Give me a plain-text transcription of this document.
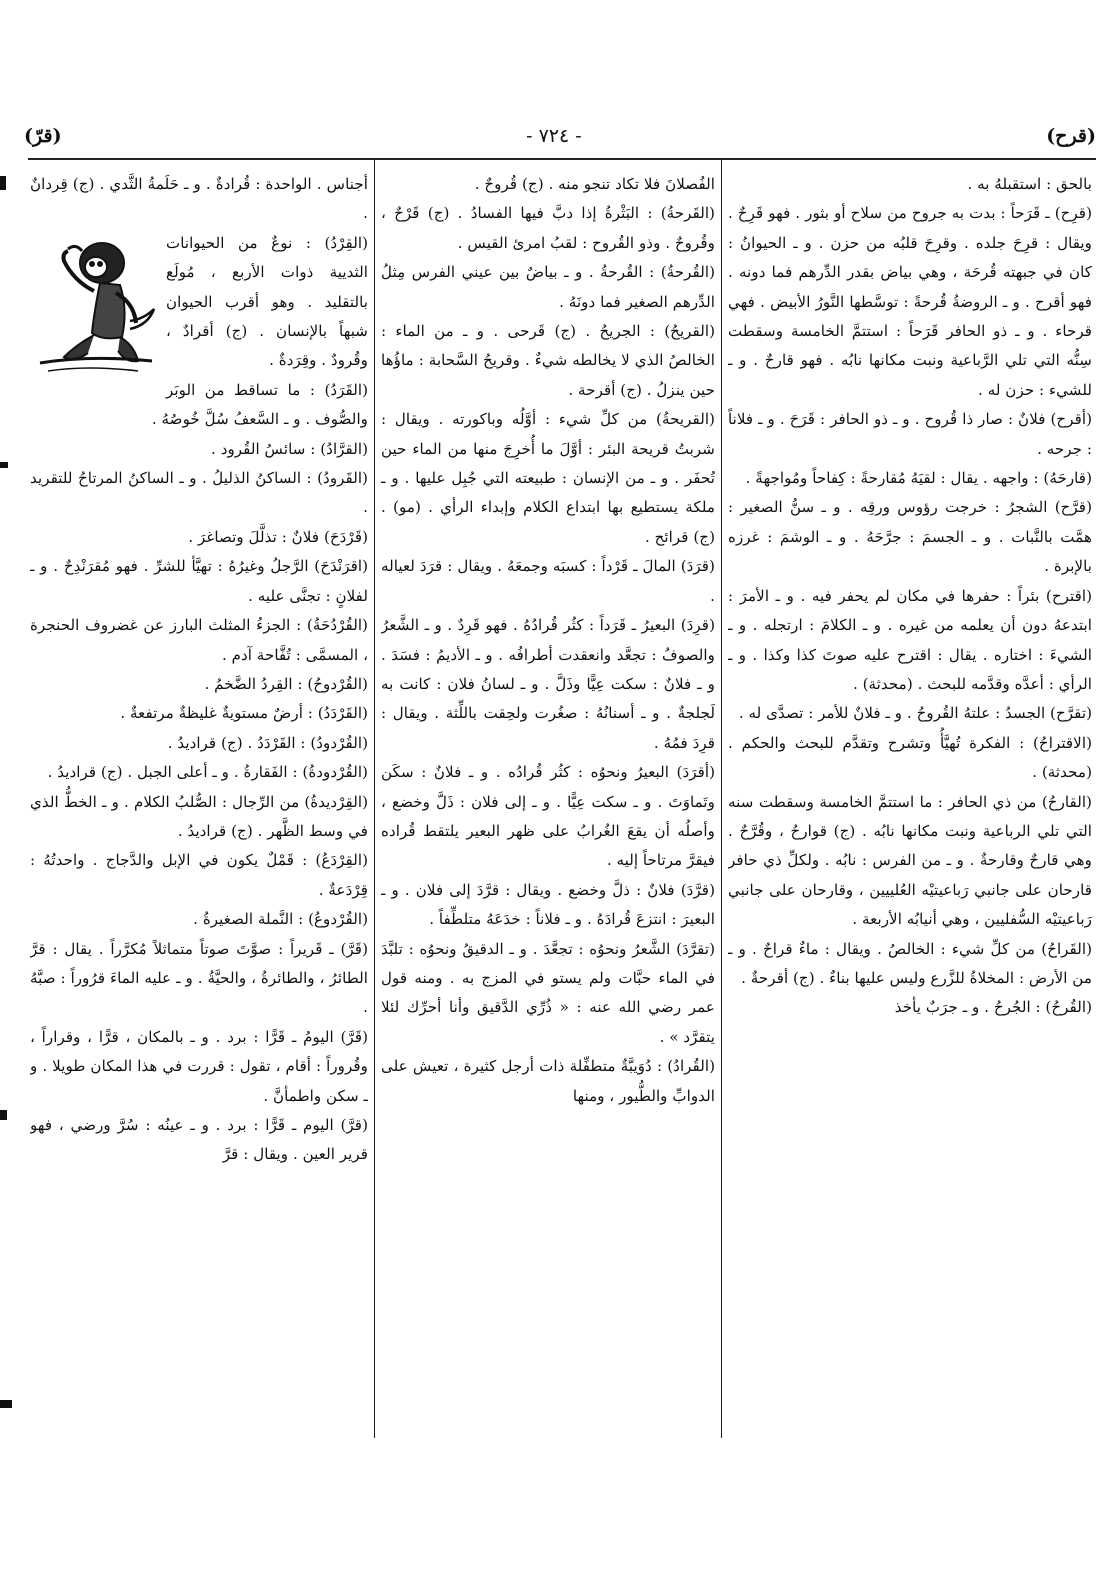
(قرح)
- ٧٢٤ -
(قرّ)

بالحق : استقبلهُ به .

(قرِح) ـ قَرَحاً : بدت به جروح من سلاح أو بثور . فهو قَرِحٌ . ويقال : قرِحَ جلده . وقرِحَ قلبُه من حزن . و ـ الحيوانُ : كان في جبهته قُرحَة ، وهي بياض بقدر الدِّرهم فما دونه . فهو أقرح . و ـ الروضةُ قُرحةً : توسَّطها النَّورُ الأبيض . فهي قرحاء . و ـ ذو الحافر قَرَحاً : استتمَّ الخامسة وسقطت سِنُّه التي تلي الرَّباعية ونبت مكانها نابُه . فهو قارحٌ . و ـ للشيء : حزن له .

(أقرح) فلانٌ : صار ذا قُروح . و ـ ذو الحافر : قَرَحَ . و ـ فلاناً : جرحه .

(قارحَهُ) : واجهه . يقال : لقيَهُ مُقارحةً : كِفاحاً ومُواجهةً .

(قرَّح) الشجرُ : خرجت رؤوس ورقِه . و ـ سنُّ الصغير : همَّت بالنَّبات . و ـ الجسمَ : جرَّحَهُ . و ـ الوشمَ : غرزه بالإبرة .

(اقترح) بئراً : حفرها في مكان لم يحفر فيه . و ـ الأمرَ : ابتدعهُ دون أن يعلمه من غيره . و ـ الكلامَ : ارتجله . و ـ الشيءَ : اختاره . يقال : اقترح عليه صوتَ كذا وكذا . و ـ الرأي : أعدَّه وقدَّمه للبحث . (محدثة) .

(تقرَّح) الجسدُ : علتهُ القُروحُ . و ـ فلانٌ للأمر : تصدَّى له .

(الاقتراحُ) : الفكرة تُهيَّأُ وتشرح وتقدَّم للبحث والحكم . (محدثة) .

(القارحُ) من ذي الحافر : ما استتمَّ الخامسة وسقطت سنه التي تلي الرباعية ونبت مكانها نابُه . (ج) قوارحُ ، وقُرَّحٌ . وهي قارحٌ وقارحةٌ . و ـ من الفرس : نابُه . ولكلِّ ذي حافر قارحان على جانبي رَباعيتيْه العُلييين ، وقارحان على جانبي رَباعيتيْه السُّفليين ، وهي أنيابُه الأربعة .

(القَراحُ) من كلِّ شيء : الخالصُ . ويقال : ماءٌ قراحٌ . و ـ من الأرض : المخلاةُ للزَّرع وليس عليها بناءٌ . (ج) أقرحةٌ .

(القُرحُ) : الجُرحُ . و ـ جرَبٌ يأخذ

الفُصلانَ فلا تكاد تنجو منه . (ج) قُروحٌ .

(القَرحةُ) : البَثْرةُ إذا دبَّ فيها الفسادُ . (ج) قَرْحٌ ، وقُروحٌ . وذو القُروح : لقبُ امرئ القيس .

(القُرحةُ) : القُرحةُ . و ـ بياضٌ بين عيني الفرس مِثلُ الدِّرهم الصغير فما دونَهُ .

(القريحُ) : الجريحُ . (ج) قَرحى . و ـ من الماء : الخالصُ الذي لا يخالطه شيءٌ . وقريحُ السَّحابة : ماؤُها حين ينزلُ . (ج) أقرحة .

(القريحةُ) من كلِّ شيء : أوَّلُه وباكورته . ويقال : شربتُ قريحة البئر : أوَّلَ ما أُخرِجَ منها من الماء حين تُحفَر . و ـ من الإنسان : طبيعته التي جُبِل عليها . و ـ ملكة يستطيع بها ابتداع الكلام وإبداء الرأي . (مو) . (ج) قرائح .

(قرَدَ) المالَ ـ قَرْداً : كسبَه وجمعَهُ . ويقال : قرَدَ لعياله .

(قرِدَ) البعيرُ ـ قَرَداً : كثُر قُرادُهُ . فهو قَرِدٌ . و ـ الشَّعرُ والصوفُ : تجعَّد وانعقدت أطرافُه . و ـ الأديمُ : فسَدَ . و ـ فلانٌ : سكت عِيًّا وذَلَّ . و ـ لسانُ فلان : كانت به لَجلجةٌ . و ـ أسنانُهُ : صغُرت ولحِقت باللِّثة . ويقال : قرِدَ فمُهُ .

(أقرَدَ) البعيرُ ونحوُه : كثُر قُرادُه . و ـ فلانٌ : سكَن وتَماوَتَ . و ـ سكت عِيًّا . و ـ إلى فلان : ذَلَّ وخضع ، وأصلُه أن يقعَ الغُرابُ على ظهر البعير يلتقط قُراده فيقرَّ مرتاحاً إليه .

(قرَّدَ) فلانٌ : ذلَّ وخضع . ويقال : قرَّدَ إلى فلان . و ـ البعيرَ : انتزعَ قُرادَهُ . و ـ فلاناً : خدَعَهُ متلطِّفاً .

(تقرَّدَ) الشَّعرُ ونحوُه : تجعَّدَ . و ـ الدقيقُ ونحوُه : تلبَّدَ في الماء حبَّات ولم يستو في المزج به . ومنه قول عمر رضي الله عنه : « ذُرِّي الدَّقيق وأنا أحرِّك لئلا يتقرَّد » .

(القُرادُ) : دُوَيبَّةٌ متطفِّلة ذات أرجل كثيرة ، تعيش على الدوابِّ والطُّيور ، ومنها

أجناس . الواحدة : قُرادةٌ . و ـ حَلَمةُ الثَّدي . (ج) قِردانٌ .

(القِرْدُ) : نوعٌ من الحيوانات الثديية ذوات الأربع ، مُولَع بالتقليد . وهو أقرب الحيوان شبهاً بالإنسان . (ج) أقرادٌ ، وقُرودٌ . وقِرَدةٌ .

(القَرَدُ) : ما تساقط من الوبَر والصُّوف . و ـ السَّعفُ سُلَّ خُوصُهُ .

(القرَّادُ) : سائسُ القُرود .

(القَرودُ) : الساكنُ الذليلُ . و ـ الساكنُ المرتاحُ للتقريد .

(قَرْدَحَ) فلانٌ : تذلَّلَ وتصاغرَ .

(اقرَنْدَحَ) الرَّجلُ وغيرُهُ : تهيَّأ للشرِّ . فهو مُقرَنْدِحٌ . و ـ لفلانٍ : تجنَّى عليه .

(القُرْدُحَةُ) : الجزءُ المثلث البارز عن غضروف الحنجرة ، المسمَّى : تُفَّاحة آدم .

(القُرْدوحُ) : القِردُ الضَّخمُ .

(القَرْدَدُ) : أرضٌ مستويةٌ غليظةٌ مرتفعةٌ .

(القُرْدودُ) : القَرْدَدُ . (ج) قراديدُ .

(القُرْدودةُ) : الفَقارةُ . و ـ أعلى الجبل . (ج) قراديدُ .

(القِرْديدةُ) من الرِّجال : الصُّلبُ الكلام . و ـ الخطُّ الذي في وسط الظَّهر . (ج) قراديدُ .

(القِرْدَعُ) : قَمْلٌ يكون في الإبل والدَّجاج . واحدتُهُ : قِرْدَعةٌ .

(القُرْدوعُ) : النَّملة الصغيرةُ .

(قَرَّ) ـ قَريراً : صوَّتَ صوتاً متماثلاً مُكرَّراً . يقال : قرَّ الطائرُ ، والطائرةُ ، والحيَّةُ . و ـ عليه الماءَ قرُوراً : صبَّهُ .

(قَرَّ) اليومُ ـ قَرًّا : برد . و ـ بالمكان ، قرًّا ، وقراراً ، وقُروراً : أقام ، تقول : قررت في هذا المكان طويلا . و ـ سكن واطمأنَّ .

(قرَّ) اليوم ـ قَرًّا : برد . و ـ عينُه : سُرَّ ورضي ، فهو قرير العين . ويقال : قرَّ
